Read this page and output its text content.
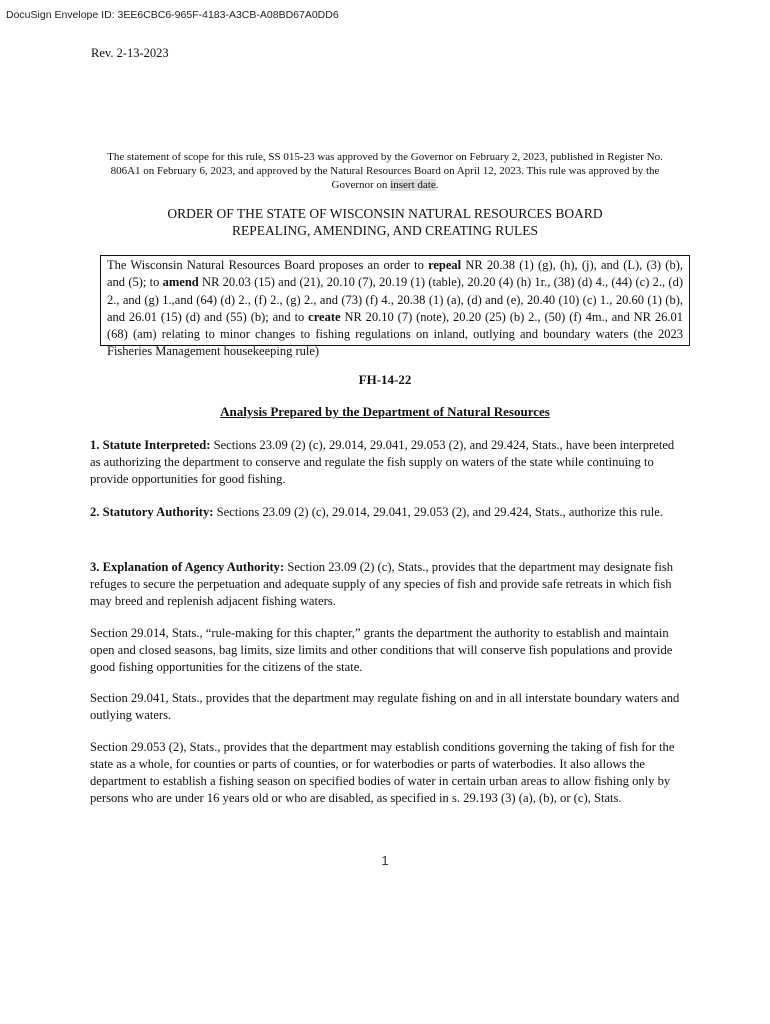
DocuSign Envelope ID: 3EE6CBC6-965F-4183-A3CB-A08BD67A0DD6
Rev. 2-13-2023
The statement of scope for this rule, SS 015-23 was approved by the Governor on February 2, 2023, published in Register No. 806A1 on February 6, 2023, and approved by the Natural Resources Board on April 12, 2023. This rule was approved by the Governor on insert date.
ORDER OF THE STATE OF WISCONSIN NATURAL RESOURCES BOARD
REPEALING, AMENDING, AND CREATING RULES
The Wisconsin Natural Resources Board proposes an order to repeal NR 20.38 (1) (g), (h), (j), and (L), (3) (b), and (5); to amend NR 20.03 (15) and (21), 20.10 (7), 20.19 (1) (table), 20.20 (4) (h) 1r., (38) (d) 4., (44) (c) 2., (d) 2., and (g) 1.,and (64) (d) 2., (f) 2., (g) 2., and (73) (f) 4., 20.38 (1) (a), (d) and (e), 20.40 (10) (c) 1., 20.60 (1) (b), and 26.01 (15) (d) and (55) (b); and to create NR 20.10 (7) (note), 20.20 (25) (b) 2., (50) (f) 4m., and NR 26.01 (68) (am) relating to minor changes to fishing regulations on inland, outlying and boundary waters (the 2023 Fisheries Management housekeeping rule)
FH-14-22
Analysis Prepared by the Department of Natural Resources
1. Statute Interpreted: Sections 23.09 (2) (c), 29.014, 29.041, 29.053 (2), and 29.424, Stats., have been interpreted as authorizing the department to conserve and regulate the fish supply on waters of the state while continuing to provide opportunities for good fishing.
2. Statutory Authority: Sections 23.09 (2) (c), 29.014, 29.041, 29.053 (2), and 29.424, Stats., authorize this rule.
3. Explanation of Agency Authority: Section 23.09 (2) (c), Stats., provides that the department may designate fish refuges to secure the perpetuation and adequate supply of any species of fish and provide safe retreats in which fish may breed and replenish adjacent fishing waters.
Section 29.014, Stats., “rule-making for this chapter,” grants the department the authority to establish and maintain open and closed seasons, bag limits, size limits and other conditions that will conserve fish populations and provide good fishing opportunities for the citizens of the state.
Section 29.041, Stats., provides that the department may regulate fishing on and in all interstate boundary waters and outlying waters.
Section 29.053 (2), Stats., provides that the department may establish conditions governing the taking of fish for the state as a whole, for counties or parts of counties, or for waterbodies or parts of waterbodies. It also allows the department to establish a fishing season on specified bodies of water in certain urban areas to allow fishing only by persons who are under 16 years old or who are disabled, as specified in s. 29.193 (3) (a), (b), or (c), Stats.
1
